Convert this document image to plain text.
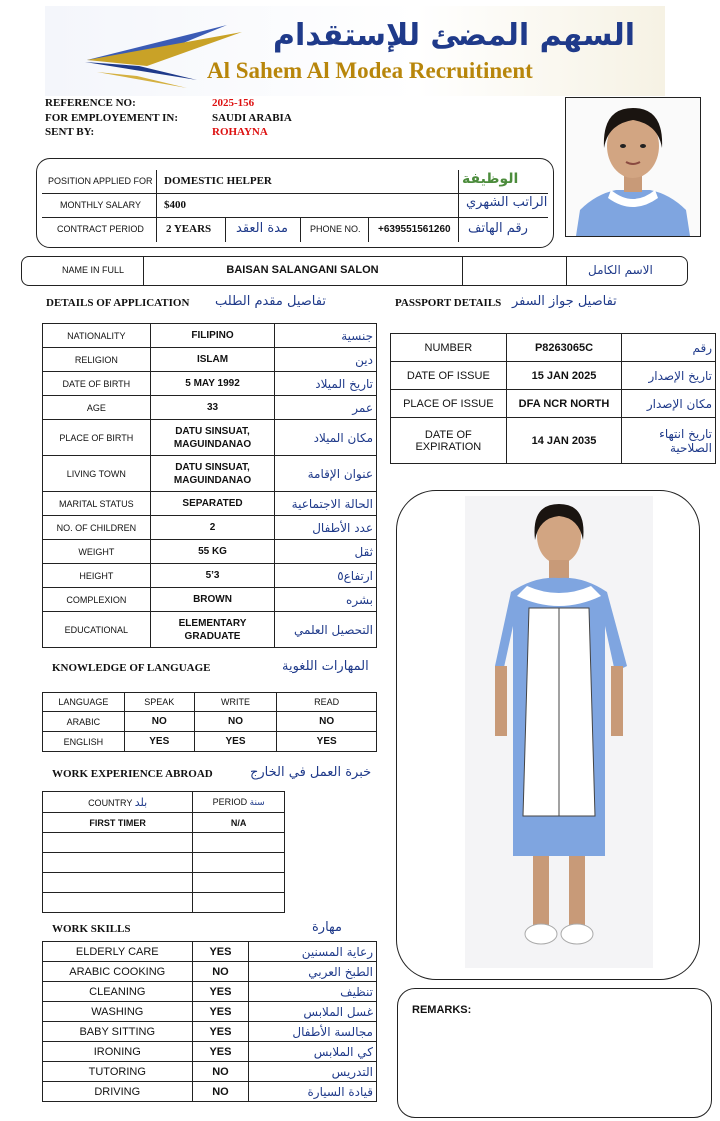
السهم المضئ للإستقدام
Al Sahem Al Modea Recruitinent
REFERENCE NO:	2025-156
FOR EMPLOYEMENT IN:	SAUDI ARABIA
SENT BY:	ROHAYNA
POSITION APPLIED FOR DOMESTIC HELPER	الوظيفة
MONTHLY SALARY $400	الراتب الشهري
CONTRACT PERIOD 2 YEARS مدة العقد PHONE NO. +639551561260 رقم الهاتف
NAME IN FULL	BAISAN SALANGANI SALON	الاسم الكامل
DETAILS OF APPLICATION تفاصيل مقدم الطلب
NATIONALITY	FILIPINO	جنسية
RELIGION	ISLAM	دين
DATE OF BIRTH	5 MAY 1992	تاريخ الميلاد
AGE	33	عمر
PLACE OF BIRTH	DATU SINSUAT, MAGUINDANAO	مكان الميلاد
LIVING TOWN	DATU SINSUAT, MAGUINDANAO	عنوان الإقامة
MARITAL STATUS	SEPARATED	الحالة الاجتماعية
NO. OF CHILDREN	2	عدد الأطفال
WEIGHT	55 KG	ثقل
HEIGHT	5’3	ارتفاع٥
COMPLEXION	BROWN	بشره
EDUCATIONAL	ELEMENTARY GRADUATE	التحصيل العلمي
PASSPORT DETAILS تفاصيل جواز السفر
NUMBER	P8263065C	رقم
DATE OF ISSUE	15 JAN 2025	تاريخ الإصدار
PLACE OF ISSUE	DFA NCR NORTH	مكان الإصدار
DATE OF EXPIRATION	14 JAN 2035	تاريخ انتهاء الصلاحية
KNOWLEDGE OF LANGUAGE	المهارات اللغوية
LANGUAGE	SPEAK	WRITE	READ
ARABIC	NO	NO	NO
ENGLISH	YES	YES	YES
WORK EXPERIENCE ABROAD	خبرة العمل في الخارج
COUNTRY بلد	PERIOD سنة
FIRST TIMER	N/A

WORK SKILLS	مهارة
ELDERLY CARE	YES	رعاية المسنين
ARABIC COOKING	NO	الطبخ العربي
CLEANING	YES	تنظيف
WASHING	YES	غسل الملابس
BABY SITTING	YES	مجالسة الأطفال
IRONING	YES	كي الملابس
TUTORING	NO	التدريس
DRIVING	NO	قيادة السيارة
REMARKS:
